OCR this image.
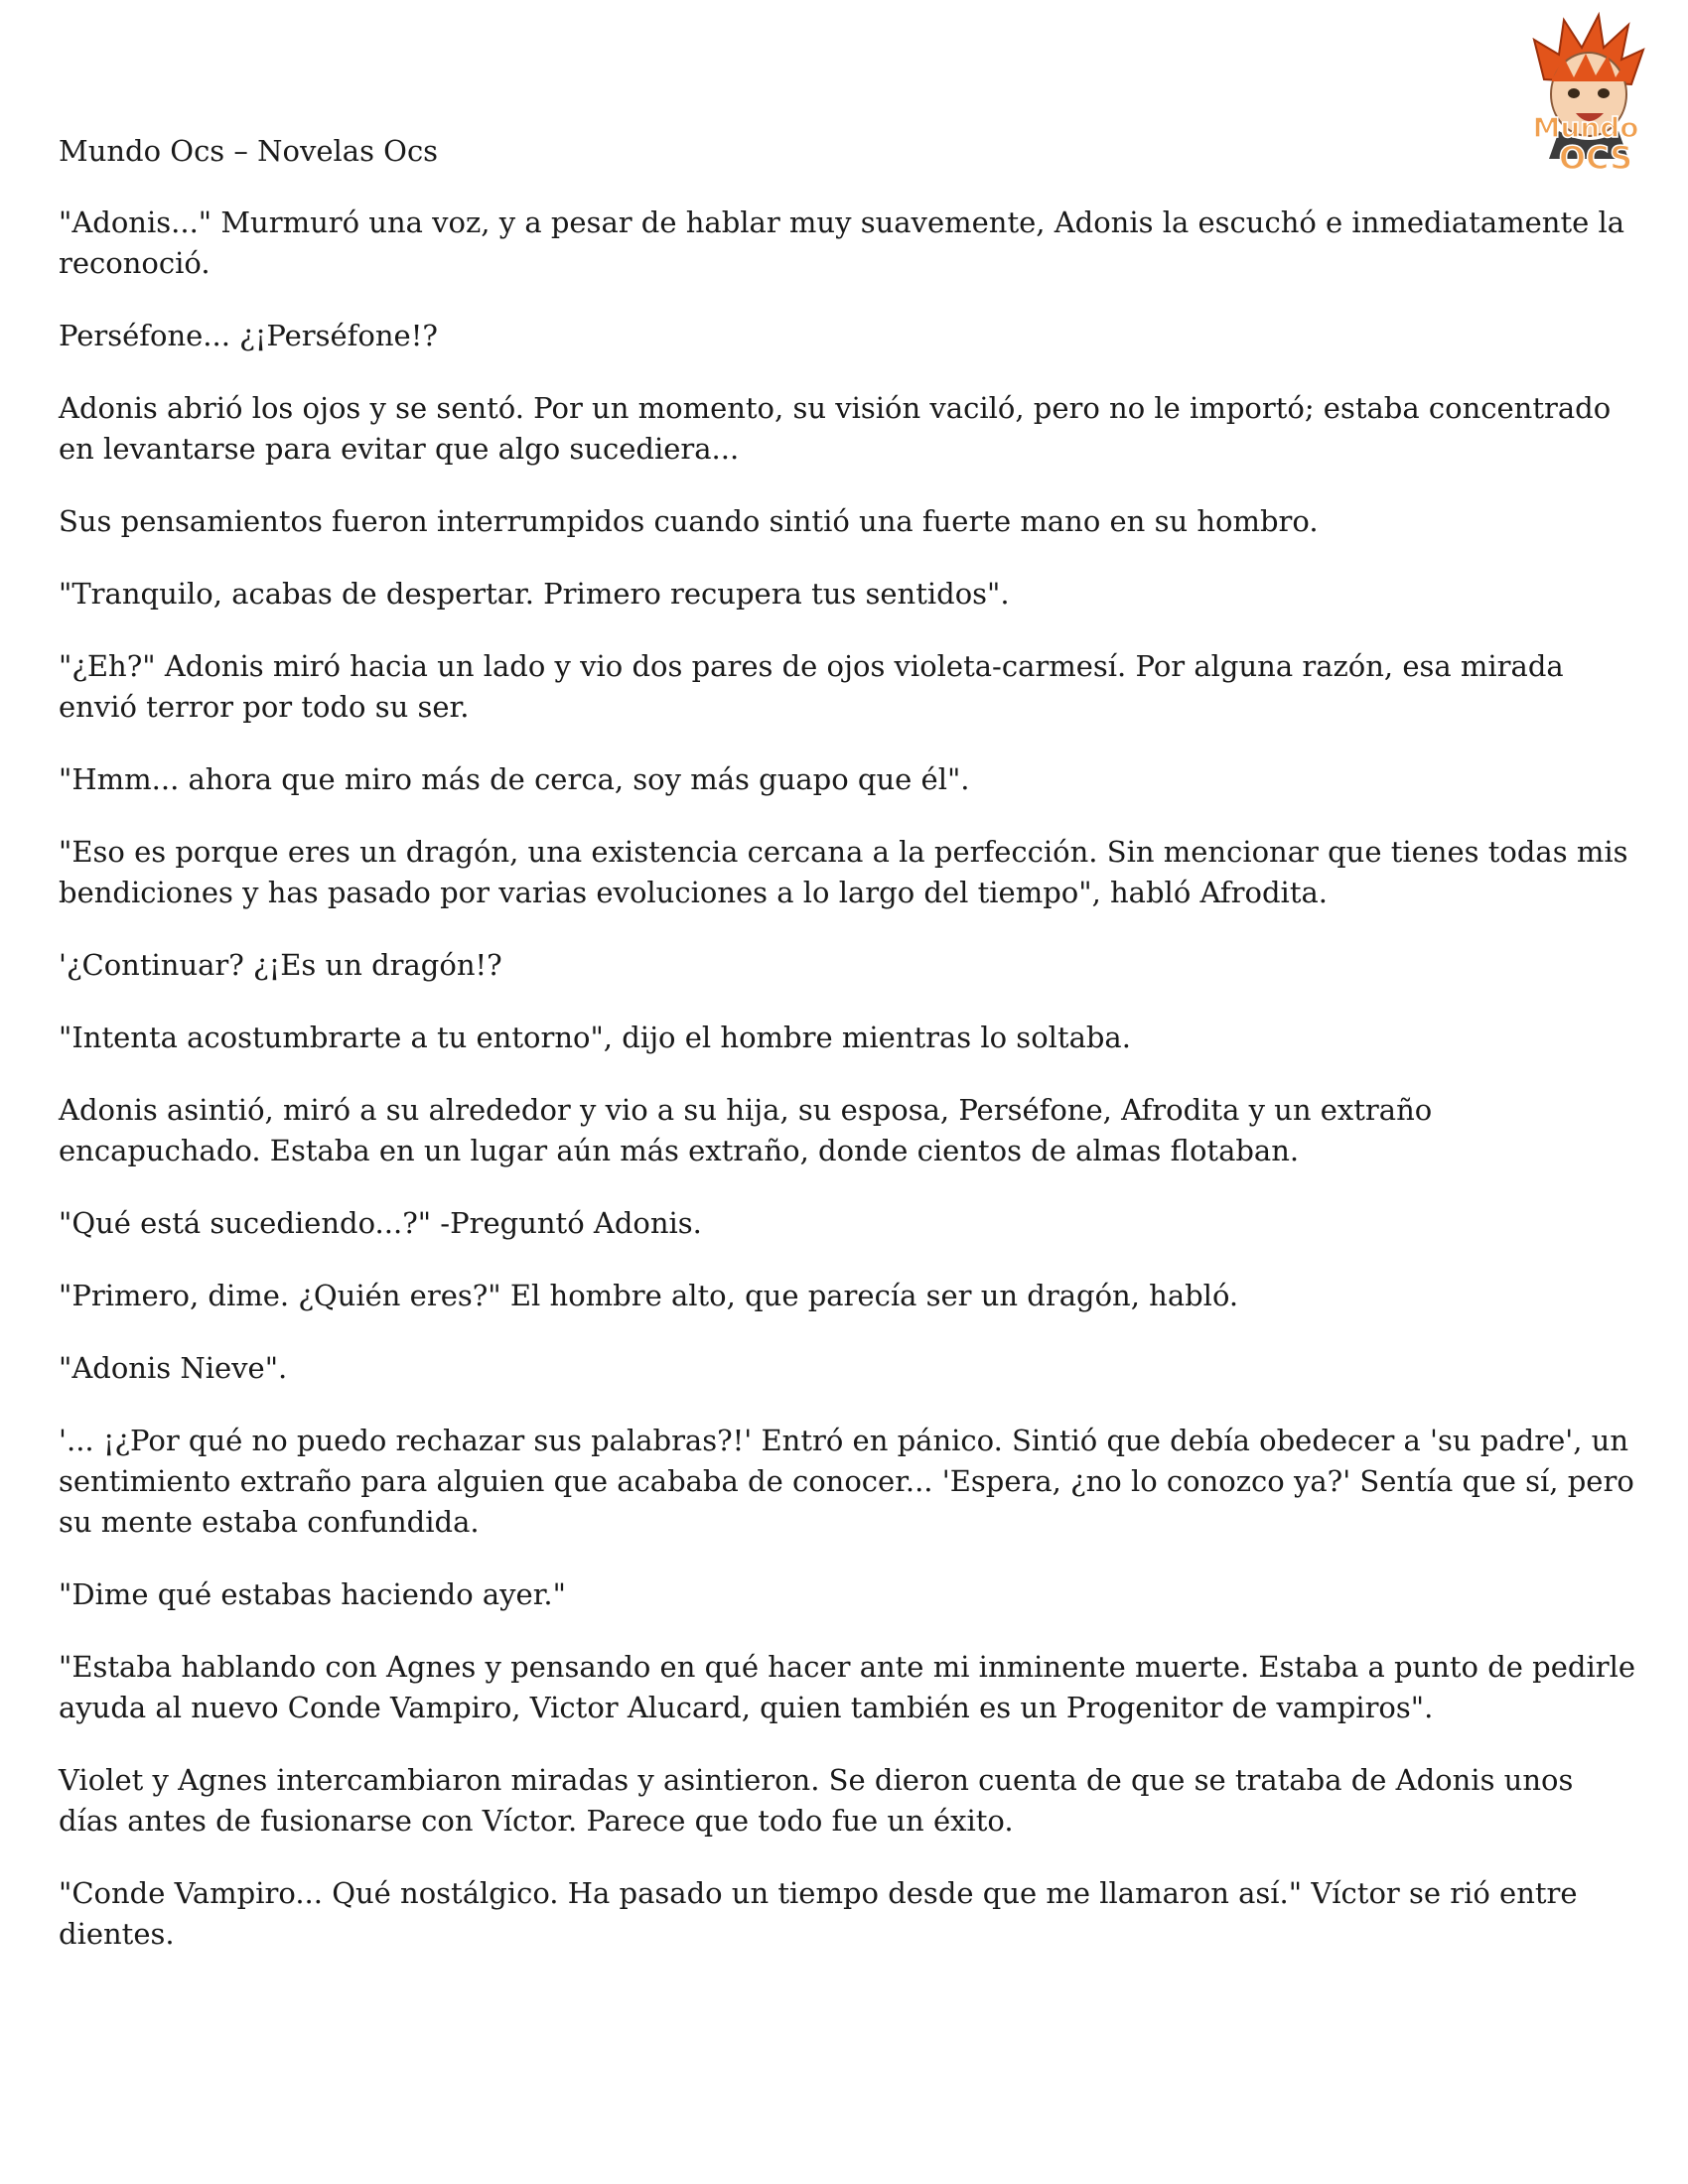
Mundo
OCS
Mundo Ocs – Novelas Ocs

"Adonis..." Murmuró una voz, y a pesar de hablar muy suavemente, Adonis la escuchó e inmediatamente la reconoció.

Perséfone... ¿¡Perséfone!?

Adonis abrió los ojos y se sentó. Por un momento, su visión vaciló, pero no le importó; estaba concentrado en levantarse para evitar que algo sucediera...

Sus pensamientos fueron interrumpidos cuando sintió una fuerte mano en su hombro.

"Tranquilo, acabas de despertar. Primero recupera tus sentidos".

"¿Eh?" Adonis miró hacia un lado y vio dos pares de ojos violeta-carmesí. Por alguna razón, esa mirada envió terror por todo su ser.

"Hmm... ahora que miro más de cerca, soy más guapo que él".

"Eso es porque eres un dragón, una existencia cercana a la perfección. Sin mencionar que tienes todas mis bendiciones y has pasado por varias evoluciones a lo largo del tiempo", habló Afrodita.

'¿Continuar? ¿¡Es un dragón!?

"Intenta acostumbrarte a tu entorno", dijo el hombre mientras lo soltaba.

Adonis asintió, miró a su alrededor y vio a su hija, su esposa, Perséfone, Afrodita y un extraño encapuchado. Estaba en un lugar aún más extraño, donde cientos de almas flotaban.

"Qué está sucediendo...?" -Preguntó Adonis.

"Primero, dime. ¿Quién eres?" El hombre alto, que parecía ser un dragón, habló.

"Adonis Nieve".

'... ¡¿Por qué no puedo rechazar sus palabras?!' Entró en pánico. Sintió que debía obedecer a 'su padre', un sentimiento extraño para alguien que acababa de conocer... 'Espera, ¿no lo conozco ya?' Sentía que sí, pero su mente estaba confundida.

"Dime qué estabas haciendo ayer."

"Estaba hablando con Agnes y pensando en qué hacer ante mi inminente muerte. Estaba a punto de pedirle ayuda al nuevo Conde Vampiro, Victor Alucard, quien también es un Progenitor de vampiros".

Violet y Agnes intercambiaron miradas y asintieron. Se dieron cuenta de que se trataba de Adonis unos días antes de fusionarse con Víctor. Parece que todo fue un éxito.

"Conde Vampiro... Qué nostálgico. Ha pasado un tiempo desde que me llamaron así." Víctor se rió entre dientes.
